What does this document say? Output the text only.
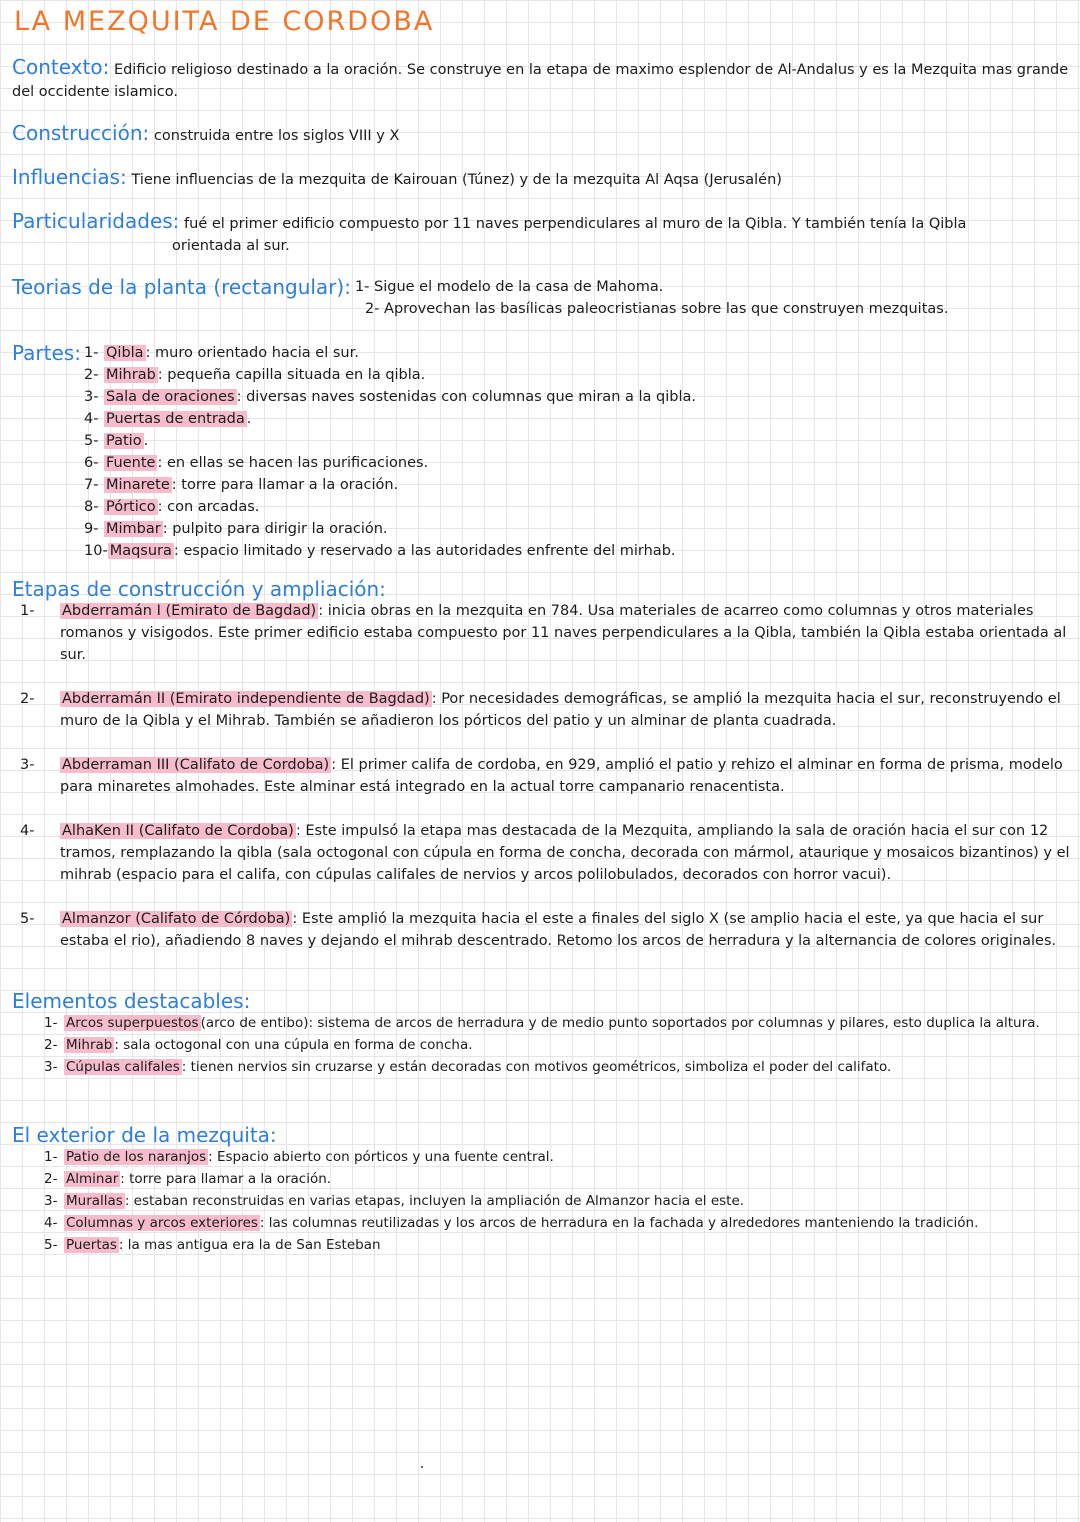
LA MEZQUITA DE CORDOBA
Contexto: Edificio religioso destinado a la oración. Se construye en la etapa de maximo esplendor de Al-Andalus y es la Mezquita mas grande del occidente islamico.
Construcción: construida entre los siglos VIII y X
Influencias: Tiene influencias de la mezquita de Kairouan (Túnez) y de la mezquita Al Aqsa (Jerusalén)
Particularidades: fué el primer edificio compuesto por 11 naves perpendiculares al muro de la Qibla. Y también tenía la Qibla
orientada al sur.
Teorias de la planta (rectangular): 1- Sigue el modelo de la casa de Mahoma.
2- Aprovechan las basílicas paleocristianas sobre las que construyen mezquitas.
Partes: 1- Qibla : muro orientado hacia el sur.
2- Mihrab : pequeña capilla situada en la qibla.
3- Sala de oraciones : diversas naves sostenidas con columnas que miran a la qibla.
4- Puertas de entrada .
5- Patio .
6- Fuente : en ellas se hacen las purificaciones.
7- Minarete : torre para llamar a la oración.
8- Pórtico : con arcadas.
9- Mimbar : pulpito para dirigir la oración.
10- Maqsura : espacio limitado y reservado a las autoridades enfrente del mirhab.
Etapas de construcción y ampliación:
1- Abderramán I (Emirato de Bagdad) : inicia obras en la mezquita en 784. Usa materiales de acarreo como columnas y otros materiales romanos y visigodos. Este primer edificio estaba compuesto por 11 naves perpendiculares a la Qibla, también la Qibla estaba orientada al sur.
2- Abderramán II (Emirato independiente de Bagdad) : Por necesidades demográficas, se amplió la mezquita hacia el sur, reconstruyendo el muro de la Qibla y el Mihrab. También se añadieron los pórticos del patio y un alminar de planta cuadrada.
3- Abderraman III (Califato de Cordoba) : El primer califa de cordoba, en 929, amplió el patio y rehizo el alminar en forma de prisma, modelo para minaretes almohades. Este alminar está integrado en la actual torre campanario renacentista.
4- AlhaKen II (Califato de Cordoba) : Este impulsó la etapa mas destacada de la Mezquita, ampliando la sala de oración hacia el sur con 12 tramos, remplazando la qibla (sala octogonal con cúpula en forma de concha, decorada con mármol, ataurique y mosaicos bizantinos) y el mihrab (espacio para el califa, con cúpulas califales de nervios y arcos polilobulados, decorados con horror vacui).
5- Almanzor (Califato de Córdoba) : Este amplió la mezquita hacia el este a finales del siglo X (se amplio hacia el este, ya que hacia el sur estaba el rio), añadiendo 8 naves y dejando el mihrab descentrado. Retomo los arcos de herradura y la alternancia de colores originales.
Elementos destacables:
1- Arcos superpuestos (arco de entibo): sistema de arcos de herradura y de medio punto soportados por columnas y pilares, esto duplica la altura.
2- Mihrab : sala octogonal con una cúpula en forma de concha.
3- Cúpulas califales : tienen nervios sin cruzarse y están decoradas con motivos geométricos, simboliza el poder del califato.
El exterior de la mezquita:
1- Patio de los naranjos : Espacio abierto con pórticos y una fuente central.
2- Alminar : torre para llamar a la oración.
3- Murallas : estaban reconstruidas en varias etapas, incluyen la ampliación de Almanzor hacia el este.
4- Columnas y arcos exteriores : las columnas reutilizadas y los arcos de herradura en la fachada y alrededores manteniendo la tradición.
5- Puertas : la mas antigua era la de San Esteban
